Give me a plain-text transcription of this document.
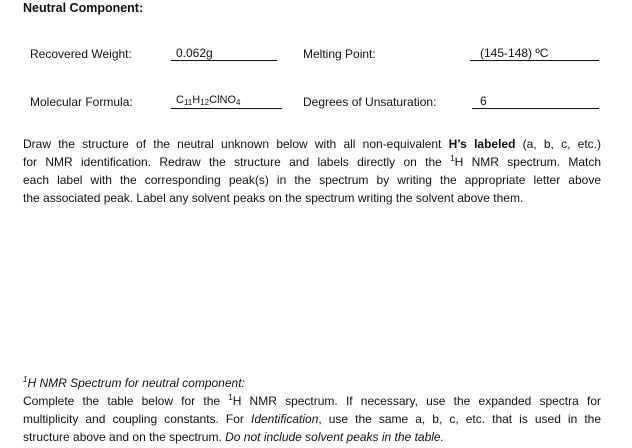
Neutral Component:
Recovered Weight:	0.062g	Melting Point:	(145-148) ºC
Molecular Formula:	$C_{11}H_{12}ClNO_4$	Degrees of Unsaturation:	6
Draw the structure of the neutral unknown below with all non-equivalent H’s labeled (a, b, c, etc.)
for NMR identification. Redraw the structure and labels directly on the $^1$H NMR spectrum. Match
each label with the corresponding peak(s) in the spectrum by writing the appropriate letter above
the associated peak. Label any solvent peaks on the spectrum writing the solvent above them.
$^1$H NMR Spectrum for neutral component:
Complete the table below for the $^1$H NMR spectrum. If necessary, use the expanded spectra for
multiplicity and coupling constants. For Identification, use the same a, b, c, etc. that is used in the
structure above and on the spectrum. Do not include solvent peaks in the table.
